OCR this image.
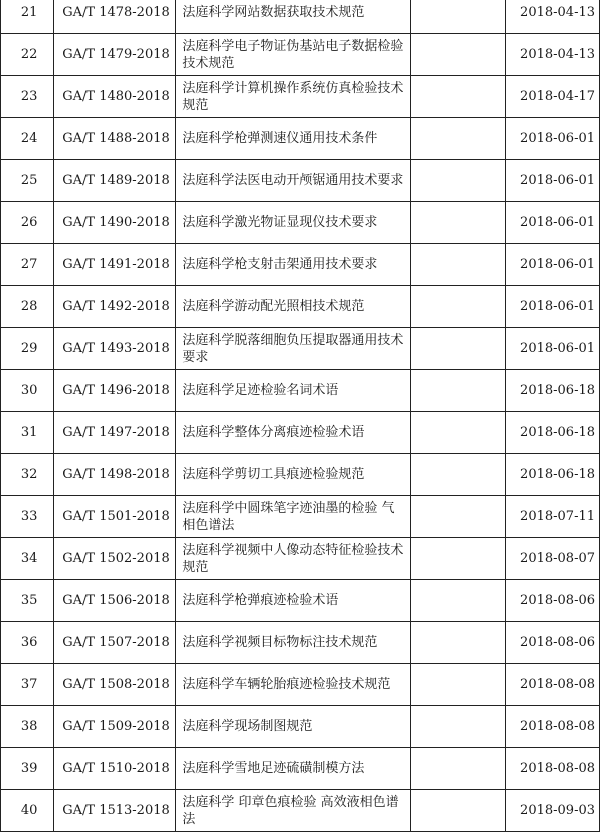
21	GA/T 1478-2018	法庭科学网站数据获取技术规范		2018-04-13
22	GA/T 1479-2018	法庭科学电子物证伪基站电子数据检验技术规范		2018-04-13
23	GA/T 1480-2018	法庭科学计算机操作系统仿真检验技术规范		2018-04-17
24	GA/T 1488-2018	法庭科学枪弹测速仪通用技术条件		2018-06-01
25	GA/T 1489-2018	法庭科学法医电动开颅锯通用技术要求		2018-06-01
26	GA/T 1490-2018	法庭科学激光物证显现仪技术要求		2018-06-01
27	GA/T 1491-2018	法庭科学枪支射击架通用技术要求		2018-06-01
28	GA/T 1492-2018	法庭科学游动配光照相技术规范		2018-06-01
29	GA/T 1493-2018	法庭科学脱落细胞负压提取器通用技术要求		2018-06-01
30	GA/T 1496-2018	法庭科学足迹检验名词术语		2018-06-18
31	GA/T 1497-2018	法庭科学整体分离痕迹检验术语		2018-06-18
32	GA/T 1498-2018	法庭科学剪切工具痕迹检验规范		2018-06-18
33	GA/T 1501-2018	法庭科学中圆珠笔字迹油墨的检验 气相色谱法		2018-07-11
34	GA/T 1502-2018	法庭科学视频中人像动态特征检验技术规范		2018-08-07
35	GA/T 1506-2018	法庭科学枪弹痕迹检验术语		2018-08-06
36	GA/T 1507-2018	法庭科学视频目标物标注技术规范		2018-08-06
37	GA/T 1508-2018	法庭科学车辆轮胎痕迹检验技术规范		2018-08-08
38	GA/T 1509-2018	法庭科学现场制图规范		2018-08-08
39	GA/T 1510-2018	法庭科学雪地足迹硫磺制模方法		2018-08-08
40	GA/T 1513-2018	法庭科学 印章色痕检验 高效液相色谱法		2018-09-03
